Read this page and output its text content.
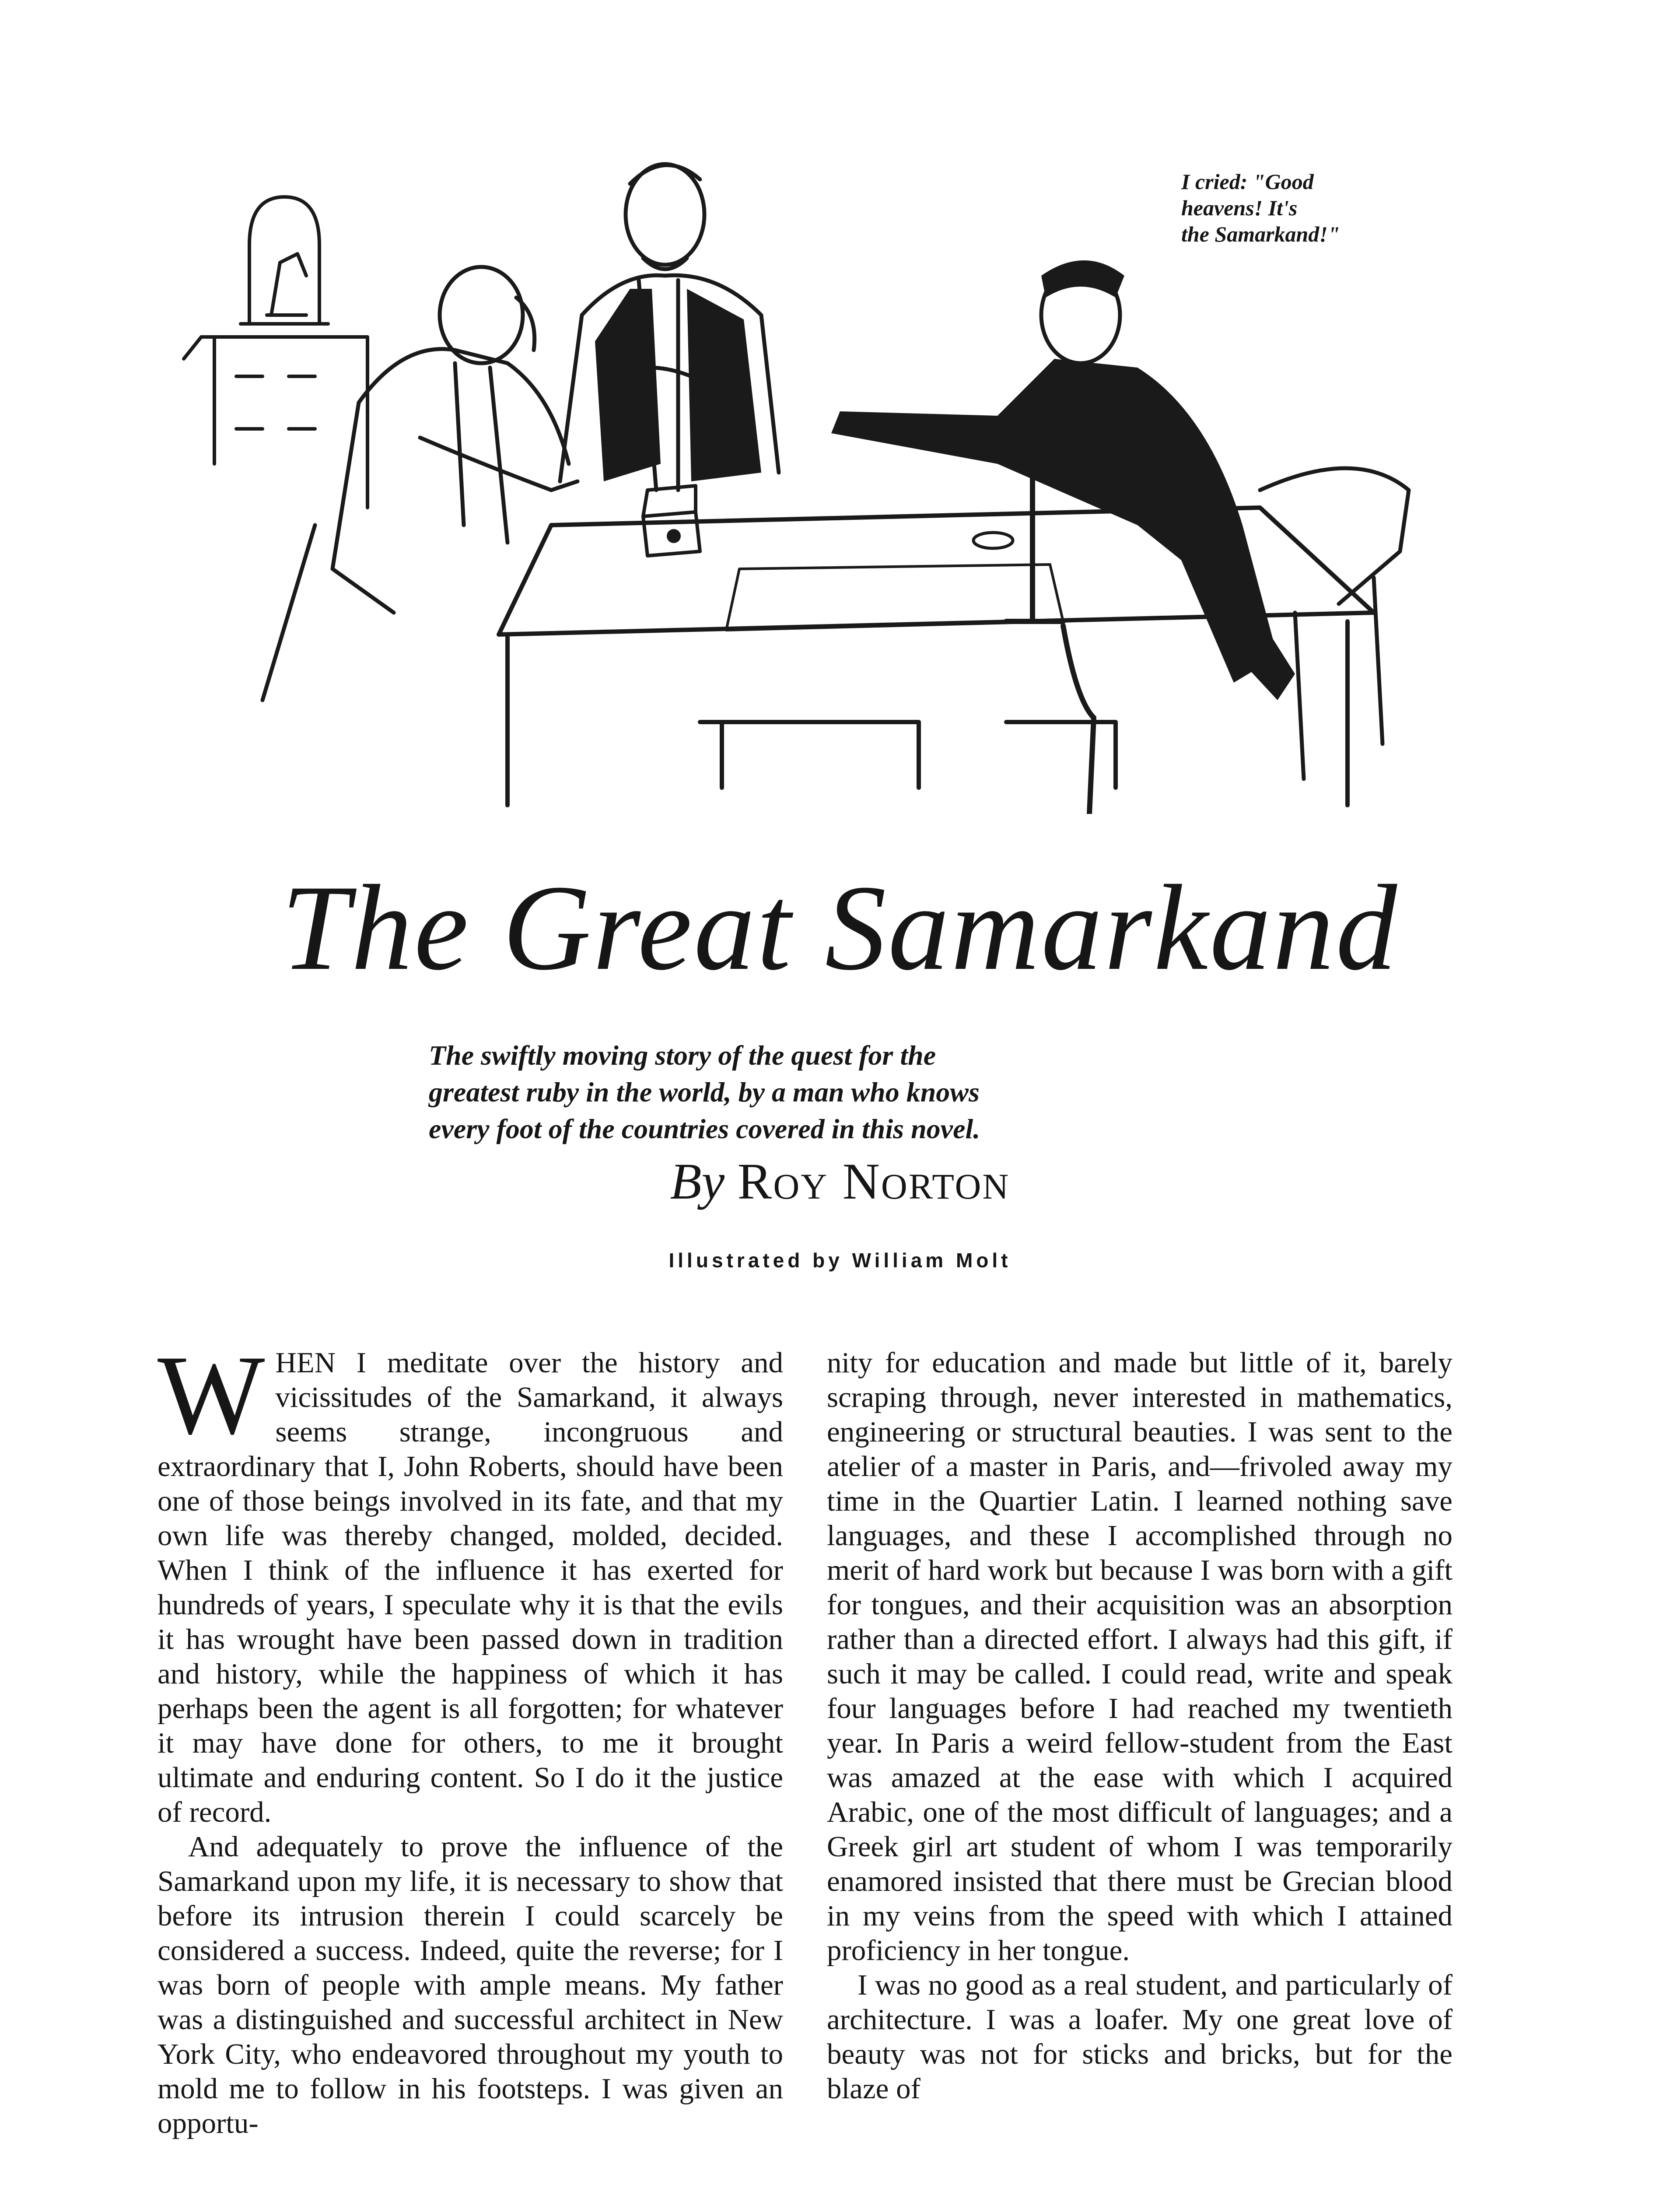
I cried: "Good
heavens! It's
the Samarkand!"
The Great Samarkand
The swiftly moving story of the quest for the
greatest ruby in the world, by a man who knows
every foot of the countries covered in this novel.
By Roy Norton
Illustrated by William Molt

WHEN I meditate over the history and vicissitudes of the Samarkand, it always seems strange, incongruous and extraordinary that I, John Roberts, should have been one of those beings involved in its fate, and that my own life was thereby changed, molded, decided. When I think of the influence it has exerted for hundreds of years, I speculate why it is that the evils it has wrought have been passed down in tradition and history, while the happiness of which it has perhaps been the agent is all forgotten; for whatever it may have done for others, to me it brought ultimate and enduring content. So I do it the justice of record.

And adequately to prove the influence of the Samarkand upon my life, it is necessary to show that before its intrusion therein I could scarcely be considered a success. Indeed, quite the reverse; for I was born of people with ample means. My father was a distinguished and successful architect in New York City, who endeavored throughout my youth to mold me to follow in his footsteps. I was given an opportu-

nity for education and made but little of it, barely scraping through, never interested in mathematics, engineering or structural beauties. I was sent to the atelier of a master in Paris, and—frivoled away my time in the Quartier Latin. I learned nothing save languages, and these I accomplished through no merit of hard work but because I was born with a gift for tongues, and their acquisition was an absorption rather than a directed effort. I always had this gift, if such it may be called. I could read, write and speak four languages before I had reached my twentieth year. In Paris a weird fellow-student from the East was amazed at the ease with which I acquired Arabic, one of the most difficult of languages; and a Greek girl art student of whom I was temporarily enamored insisted that there must be Grecian blood in my veins from the speed with which I attained proficiency in her tongue.

I was no good as a real student, and particularly of architecture. I was a loafer. My one great love of beauty was not for sticks and bricks, but for the blaze of
